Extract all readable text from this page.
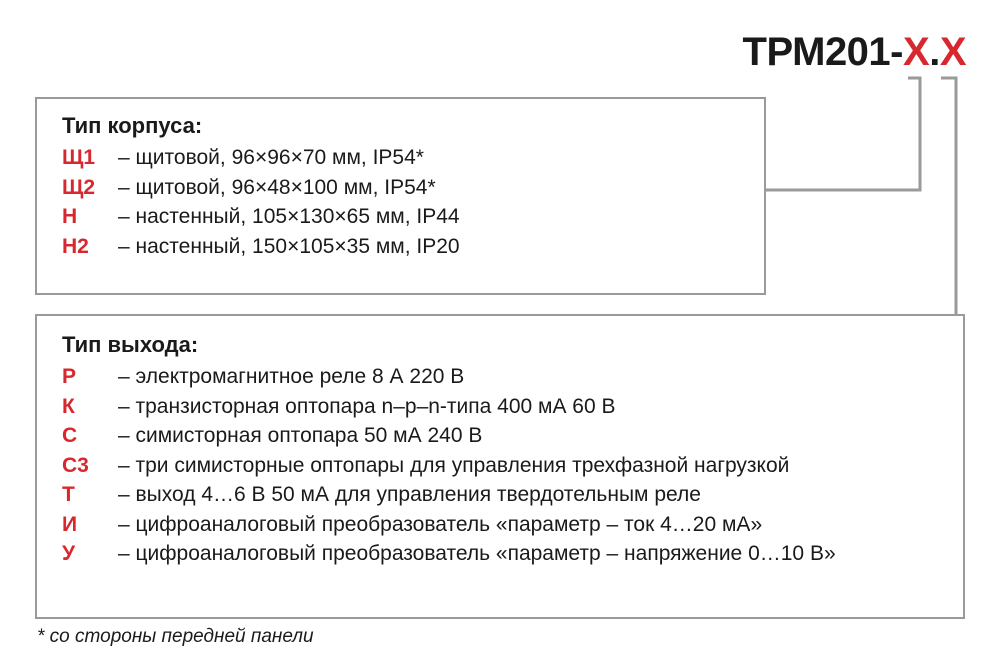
ТРМ201-X.X
Тип корпуса:
Щ1	– щитовой, 96×96×70 мм, IP54*
Щ2	– щитовой, 96×48×100 мм, IP54*
Н	– настенный, 105×130×65 мм, IP44
Н2	– настенный, 150×105×35 мм, IP20
Тип выхода:
Р	– электромагнитное реле 8 А 220 В
К	– транзисторная оптопара n–p–n-типа 400 мА 60 В
С	– симисторная оптопара 50 мА 240 В
С3	– три симисторные оптопары для управления трехфазной нагрузкой
Т	– выход 4…6 В 50 мА для управления твердотельным реле
И	– цифроаналоговый преобразователь «параметр – ток 4…20 мА»
У	– цифроаналоговый преобразователь «параметр – напряжение 0…10 В»
* со стороны передней панели
